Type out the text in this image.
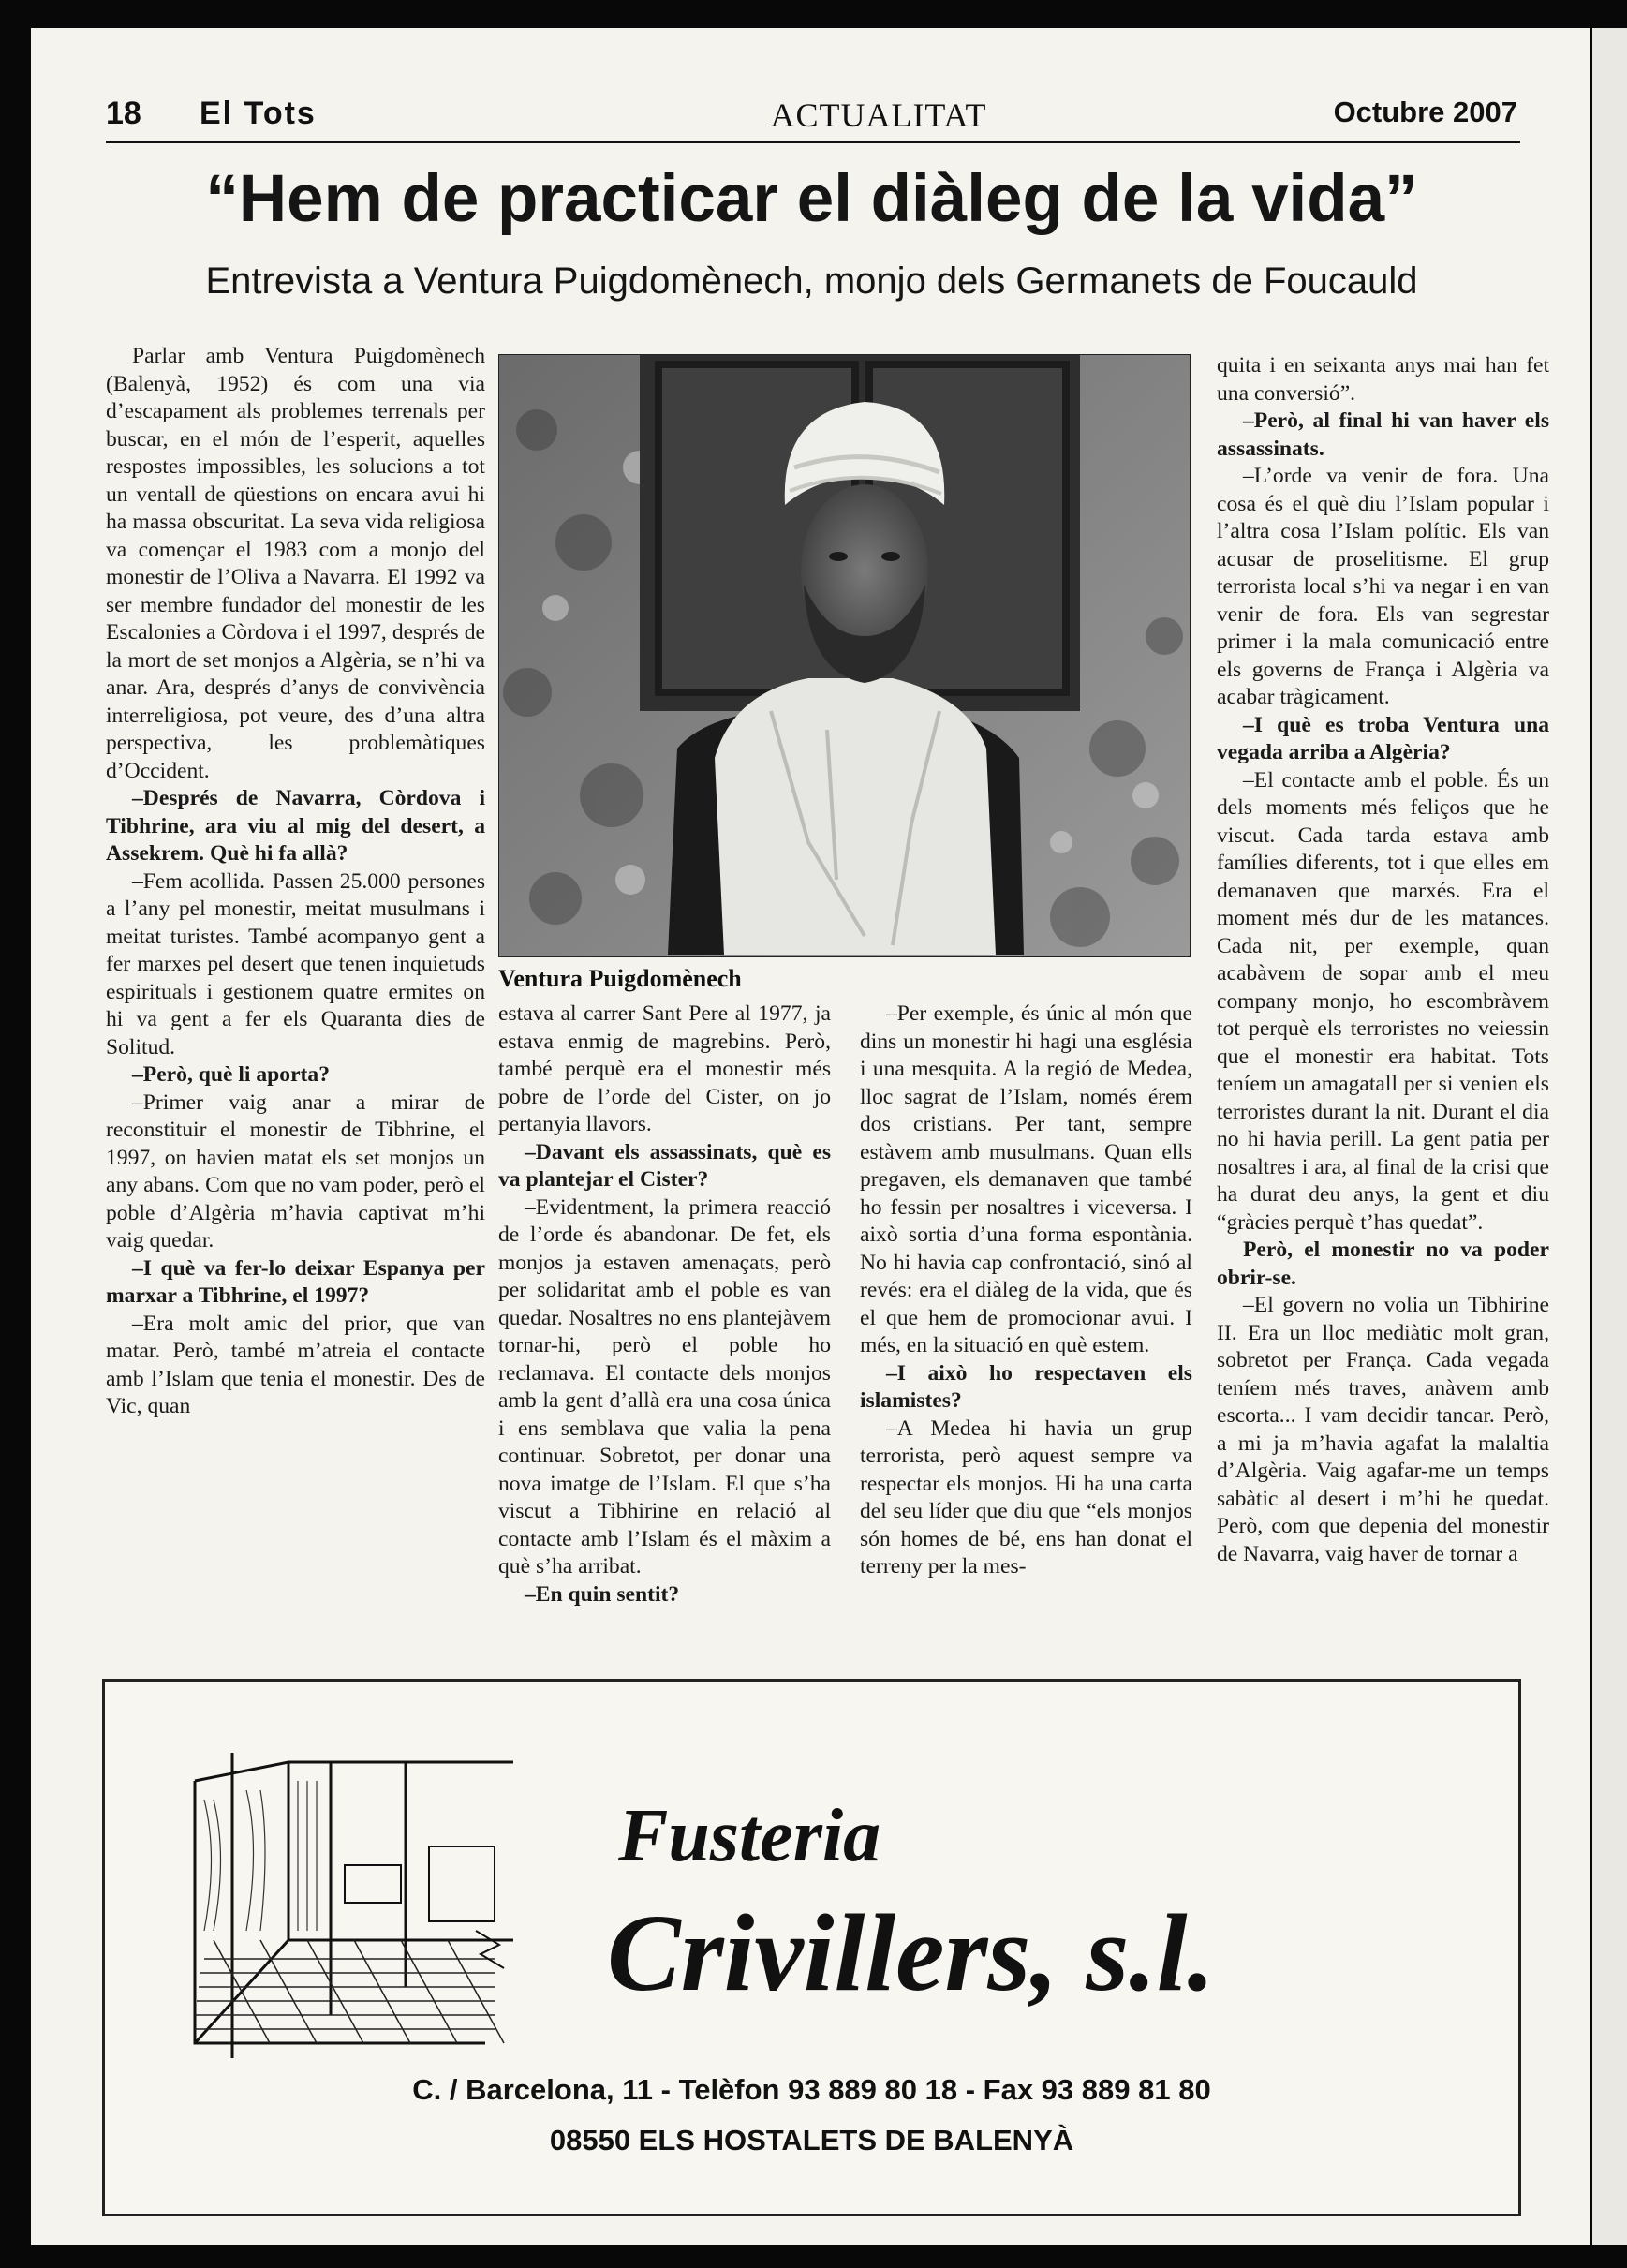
18 El Tots	ACTUALITAT	Octubre 2007
“Hem de practicar el diàleg de la vida”
Entrevista a Ventura Puigdomènech, monjo dels Germanets de Foucauld

Parlar amb Ventura Puigdomènech (Balenyà, 1952) és com una via d’escapament als problemes terrenals per buscar, en el món de l’esperit, aquelles respostes impossibles, les solucions a tot un ventall de qüestions on encara avui hi ha massa obscuritat. La seva vida religiosa va començar el 1983 com a monjo del monestir de l’Oliva a Navarra. El 1992 va ser membre fundador del monestir de les Escalonies a Còrdova i el 1997, després de la mort de set monjos a Algèria, se n’hi va anar. Ara, després d’anys de convivència interreligiosa, pot veure, des d’una altra perspectiva, les problemàtiques d’Occident.

–Després de Navarra, Còrdova i Tibhrine, ara viu al mig del desert, a Assekrem. Què hi fa allà?

–Fem acollida. Passen 25.000 persones a l’any pel monestir, meitat musulmans i meitat turistes. També acompanyo gent a fer marxes pel desert que tenen inquietuds espirituals i gestionem quatre ermites on hi va gent a fer els Quaranta dies de Solitud.

–Però, què li aporta?

–Primer vaig anar a mirar de reconstituir el monestir de Tibhrine, el 1997, on havien matat els set monjos un any abans. Com que no vam poder, però el poble d’Algèria m’havia captivat m’hi vaig quedar.

–I què va fer-lo deixar Espanya per marxar a Tibhrine, el 1997?

–Era molt amic del prior, que van matar. Però, també m’atreia el contacte amb l’Islam que tenia el monestir. Des de Vic, quan

Ventura Puigdomènech

estava al carrer Sant Pere al 1977, ja estava enmig de magrebins. Però, també perquè era el monestir més pobre de l’orde del Cister, on jo pertanyia llavors.

–Davant els assassinats, què es va plantejar el Cister?

–Evidentment, la primera reacció de l’orde és abandonar. De fet, els monjos ja estaven amenaçats, però per solidaritat amb el poble es van quedar. Nosaltres no ens plantejàvem tornar-hi, però el poble ho reclamava. El contacte dels monjos amb la gent d’allà era una cosa única i ens semblava que valia la pena continuar. Sobretot, per donar una nova imatge de l’Islam. El que s’ha viscut a Tibhirine en relació al contacte amb l’Islam és el màxim a què s’ha arribat.

–En quin sentit?

–Per exemple, és únic al món que dins un monestir hi hagi una església i una mesquita. A la regió de Medea, lloc sagrat de l’Islam, només érem dos cristians. Per tant, sempre estàvem amb musulmans. Quan ells pregaven, els demanaven que també ho fessin per nosaltres i viceversa. I això sortia d’una forma espontània. No hi havia cap confrontació, sinó al revés: era el diàleg de la vida, que és el que hem de promocionar avui. I més, en la situació en què estem.

–I això ho respectaven els islamistes?

–A Medea hi havia un grup terrorista, però aquest sempre va respectar els monjos. Hi ha una carta del seu líder que diu que “els monjos són homes de bé, ens han donat el terreny per la mes-

quita i en seixanta anys mai han fet una conversió”.

–Però, al final hi van haver els assassinats.

–L’orde va venir de fora. Una cosa és el què diu l’Islam popular i l’altra cosa l’Islam polític. Els van acusar de proselitisme. El grup terrorista local s’hi va negar i en van venir de fora. Els van segrestar primer i la mala comunicació entre els governs de França i Algèria va acabar tràgicament.

–I què es troba Ventura una vegada arriba a Algèria?

–El contacte amb el poble. És un dels moments més feliços que he viscut. Cada tarda estava amb famílies diferents, tot i que elles em demanaven que marxés. Era el moment més dur de les matances. Cada nit, per exemple, quan acabàvem de sopar amb el meu company monjo, ho escombràvem tot perquè els terroristes no veiessin que el monestir era habitat. Tots teníem un amagatall per si venien els terroristes durant la nit. Durant el dia no hi havia perill. La gent patia per nosaltres i ara, al final de la crisi que ha durat deu anys, la gent et diu “gràcies perquè t’has quedat”.

Però, el monestir no va poder obrir-se.

–El govern no volia un Tibhirine II. Era un lloc mediàtic molt gran, sobretot per França. Cada vegada teníem més traves, anàvem amb escorta... I vam decidir tancar. Però, a mi ja m’havia agafat la malaltia d’Algèria. Vaig agafar-me un temps sabàtic al desert i m’hi he quedat. Però, com que depenia del monestir de Navarra, vaig haver de tornar a

Fusteria
Crivillers, s.l.
C. / Barcelona, 11 - Telèfon 93 889 80 18 - Fax 93 889 81 80
08550 ELS HOSTALETS DE BALENYÀ
